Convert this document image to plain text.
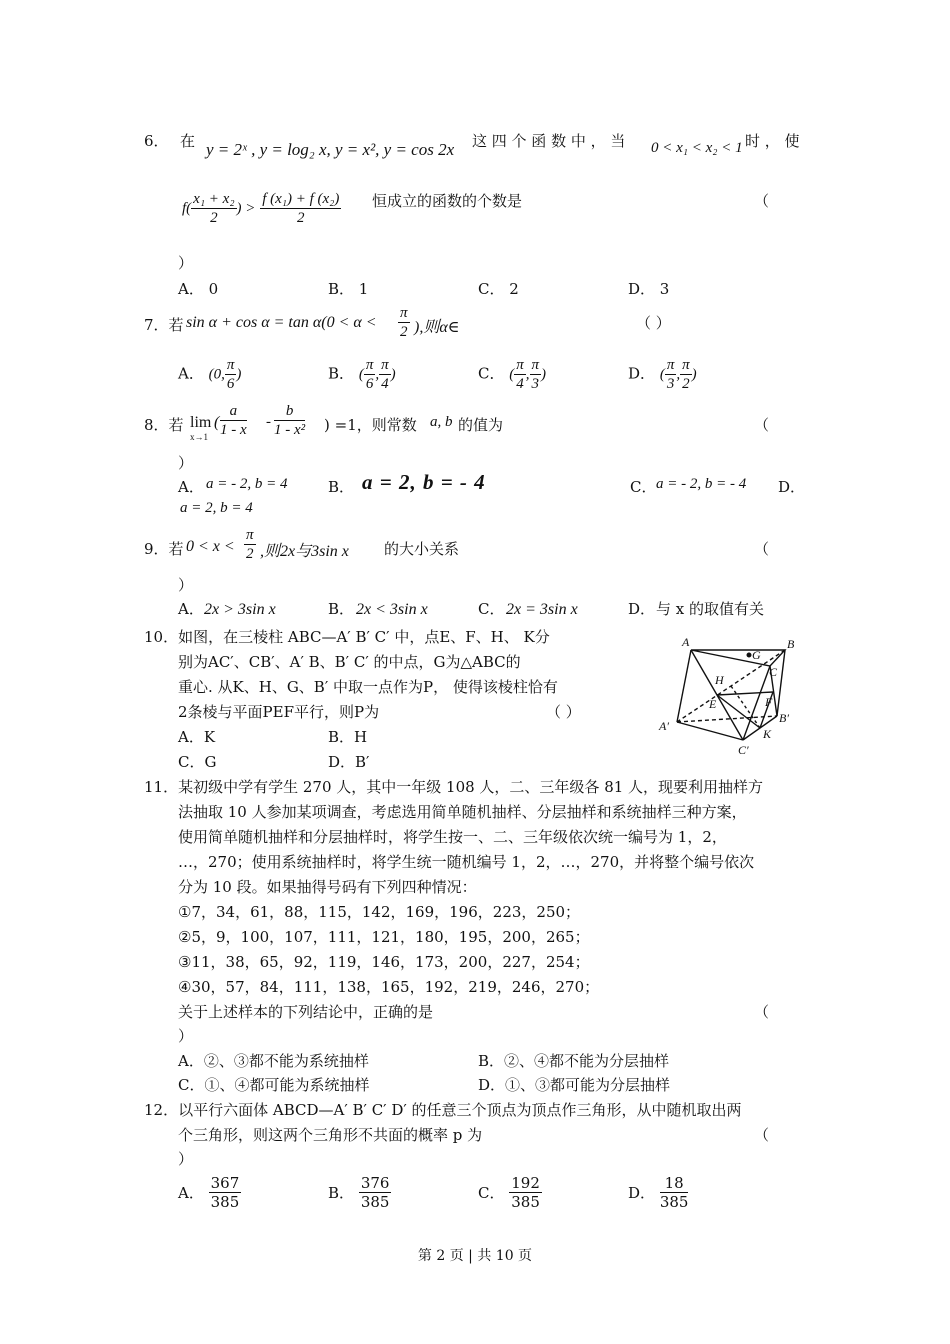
6． 在 y = 2ˣ , y = log₂ x, y = x², y = cos 2x 这 四 个 函 数 中 ， 当 0 < x₁ < x₂ < 1 时 ， 使
$f( \frac{\text{x₁ + x₂}}{2}$ ) > $\frac{\text{f (x₁) + f (x₂)}}{2}$ 恒成立的函数的个数是	（
）
A． 0	B． 1	C． 2	D． 3
7．若 $\sin \alpha + \cos \alpha = \tan \alpha(0 < \alpha < \frac{\pi}{2}$ ),则α∈	（ ）
A． (0, $\frac{\pi}{6}$ )	B． ( $\frac{\pi}{6}$ , $\frac{\pi}{4}$ )	C． ( $\frac{\pi}{4}$ , $\frac{\pi}{3}$ )	D． ( $\frac{\pi}{3}$ , $\frac{\pi}{2}$ )
8．若 lim
x→1
( $\frac{a}{1 - x} - \frac{b}{\text{1 - x²}}$ ) =1，则常数 a, b 的值为	（
）
A． a = - 2, b = 4	B． a = 2, b = - 4	C． a = - 2, b = - 4 D．
a = 2, b = 4
9．若 $0 < x < \frac{\pi}{2}$ ,则2x与3sin x 的大小关系	（
）
A． 2x > 3sin x	B． 2x < 3sin x	C． 2x = 3sin x	D． 与 x 的取值有关
10．如图，在三棱柱 ABC—A′ B′ C′ 中，点E、F、H、 K分
别为AC′、CB′、A′ B、B′ C′ 的中点，G为△ABC的
重心. 从K、H、G、B′ 中取一点作为P， 使得该棱柱恰有
2条棱与平面PEF平行，则P为	（ ）
A．K	B．H
C．G	D．B′
A	B
G
C
H
E	F
B′
A′
K
C′
11．某初级中学有学生 270 人，其中一年级 108 人，二、三年级各 81 人，现要利用抽样方
法抽取 10 人参加某项调查，考虑选用简单随机抽样、分层抽样和系统抽样三种方案，
使用简单随机抽样和分层抽样时，将学生按一、二、三年级依次统一编号为 1，2，
…，270；使用系统抽样时，将学生统一随机编号 1，2，…，270，并将整个编号依次
分为 10 段。如果抽得号码有下列四种情况：
①7，34，61，88，115，142，169，196，223，250；
②5，9，100，107，111，121，180，195，200，265；
③11，38，65，92，119，146，173，200，227，254；
④30，57，84，111，138，165，192，219，246，270；
关于上述样本的下列结论中，正确的是	（
）
A．②、③都不能为系统抽样	B．②、④都不能为分层抽样
C．①、④都可能为系统抽样	D．①、③都可能为分层抽样
12．以平行六面体 ABCD—A′ B′ C′ D′ 的任意三个顶点为顶点作三角形，从中随机取出两
个三角形，则这两个三角形不共面的概率 p 为	（
）
A． $\frac{367}{385}$	B． $\frac{376}{385}$	C． $\frac{192}{385}$	D． $\frac{18}{385}$
第 2 页 | 共 10 页
